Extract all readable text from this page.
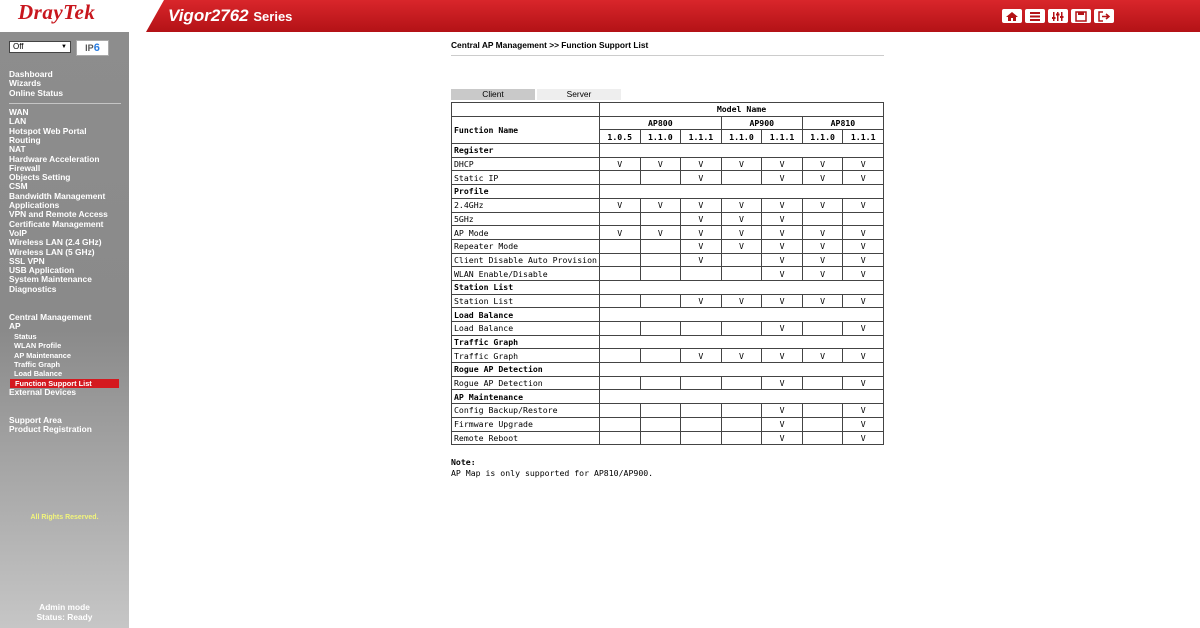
DrayTek	Vigor2762 Series
Off	▼	IP6
Dashboard
Wizards
Online Status
WAN
LAN
Hotspot Web Portal
Routing
NAT
Hardware Acceleration
Firewall
Objects Setting
CSM
Bandwidth Management
Applications
VPN and Remote Access
Certificate Management
VoIP
Wireless LAN (2.4 GHz)
Wireless LAN (5 GHz)
SSL VPN
USB Application
System Maintenance
Diagnostics
Central Management
AP
Status
WLAN Profile
AP Maintenance
Traffic Graph
Load Balance
Function Support List
External Devices
Support Area
Product Registration
All Rights Reserved.
Admin mode
Status: Ready
Central AP Management >> Function Support List
Client	Server
	Model Name						
Function Name	AP800			AP900		AP810	
	1.0.5	1.1.0	1.1.1	1.1.0	1.1.1	1.1.0	1.1.1
Register							
DHCP	V	V	V	V	V	V	V
Static IP			V		V	V	V
Profile							
2.4GHz	V	V	V	V	V	V	V
5GHz			V	V	V		
AP Mode	V	V	V	V	V	V	V
Repeater Mode			V	V	V	V	V
Client Disable Auto Provision			V		V	V	V
WLAN Enable/Disable					V	V	V
Station List							
Station List			V	V	V	V	V
Load Balance							
Load Balance					V		V
Traffic Graph							
Traffic Graph			V	V	V	V	V
Rogue AP Detection							
Rogue AP Detection					V		V
AP Maintenance							
Config Backup/Restore					V		V
Firmware Upgrade					V		V
Remote Reboot					V		V
Note:
AP Map is only supported for AP810/AP900.
